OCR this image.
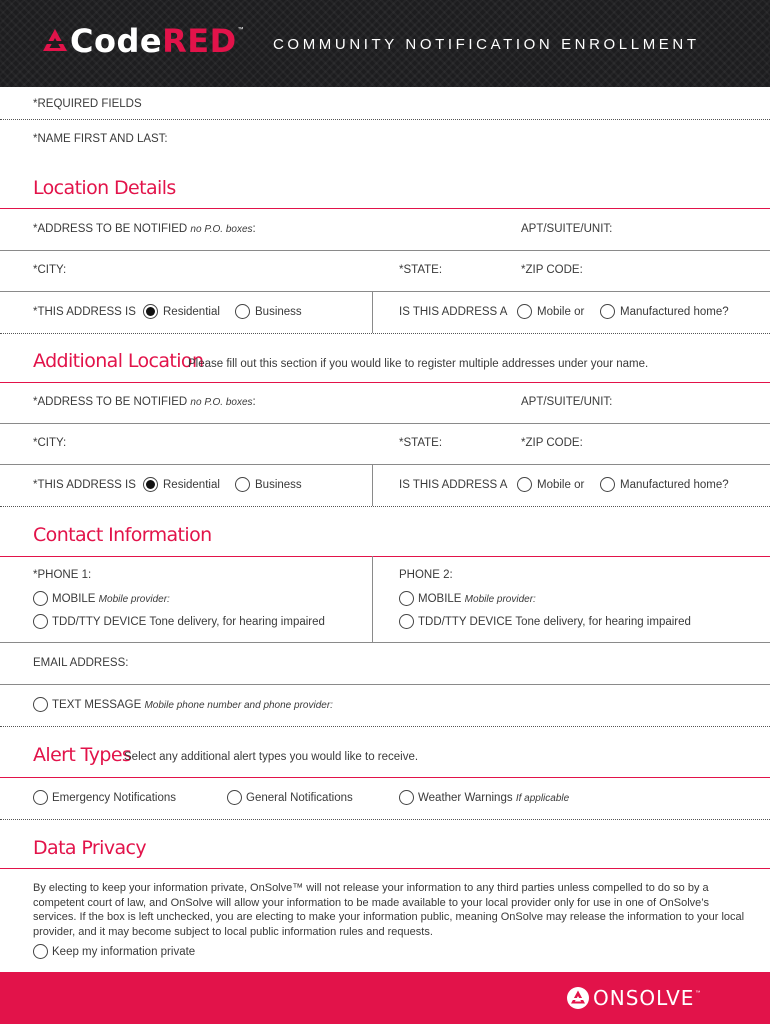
Code RED ™
COMMUNITY NOTIFICATION ENROLLMENT
*REQUIRED FIELDS
*NAME FIRST AND LAST:
Location Details
*ADDRESS TO BE NOTIFIED no P.O. boxes:	APT/SUITE/UNIT:
*CITY:	*STATE:	*ZIP CODE:
*THIS ADDRESS IS Residential	Business	IS THIS ADDRESS A	Mobile or	Manufactured home?
Additional Location
Please fill out this section if you would like to register multiple addresses under your name.
*ADDRESS TO BE NOTIFIED no P.O. boxes:	APT/SUITE/UNIT:
*CITY:	*STATE:	*ZIP CODE:
*THIS ADDRESS IS Residential	Business	IS THIS ADDRESS A	Mobile or	Manufactured home?
Contact Information
*PHONE 1:	PHONE 2:
MOBILE Mobile provider:	MOBILE Mobile provider:
TDD/TTY DEVICE Tone delivery, for hearing impaired	TDD/TTY DEVICE Tone delivery, for hearing impaired
EMAIL ADDRESS:
TEXT MESSAGE Mobile phone number and phone provider:
Alert Types
Select any additional alert types you would like to receive.
Emergency Notifications	General Notifications	Weather Warnings If applicable
Data Privacy
By electing to keep your information private, OnSolve™ will not release your information to any third parties unless compelled to do so by a competent court of law, and OnSolve will allow your information to be made available to your local provider only for use in one of OnSolve’s services. If the box is left unchecked, you are electing to make your information public, meaning OnSolve may release the information to your local provider, and it may become subject to local public information rules and requests.
Keep my information private
ONSOLVE ™
